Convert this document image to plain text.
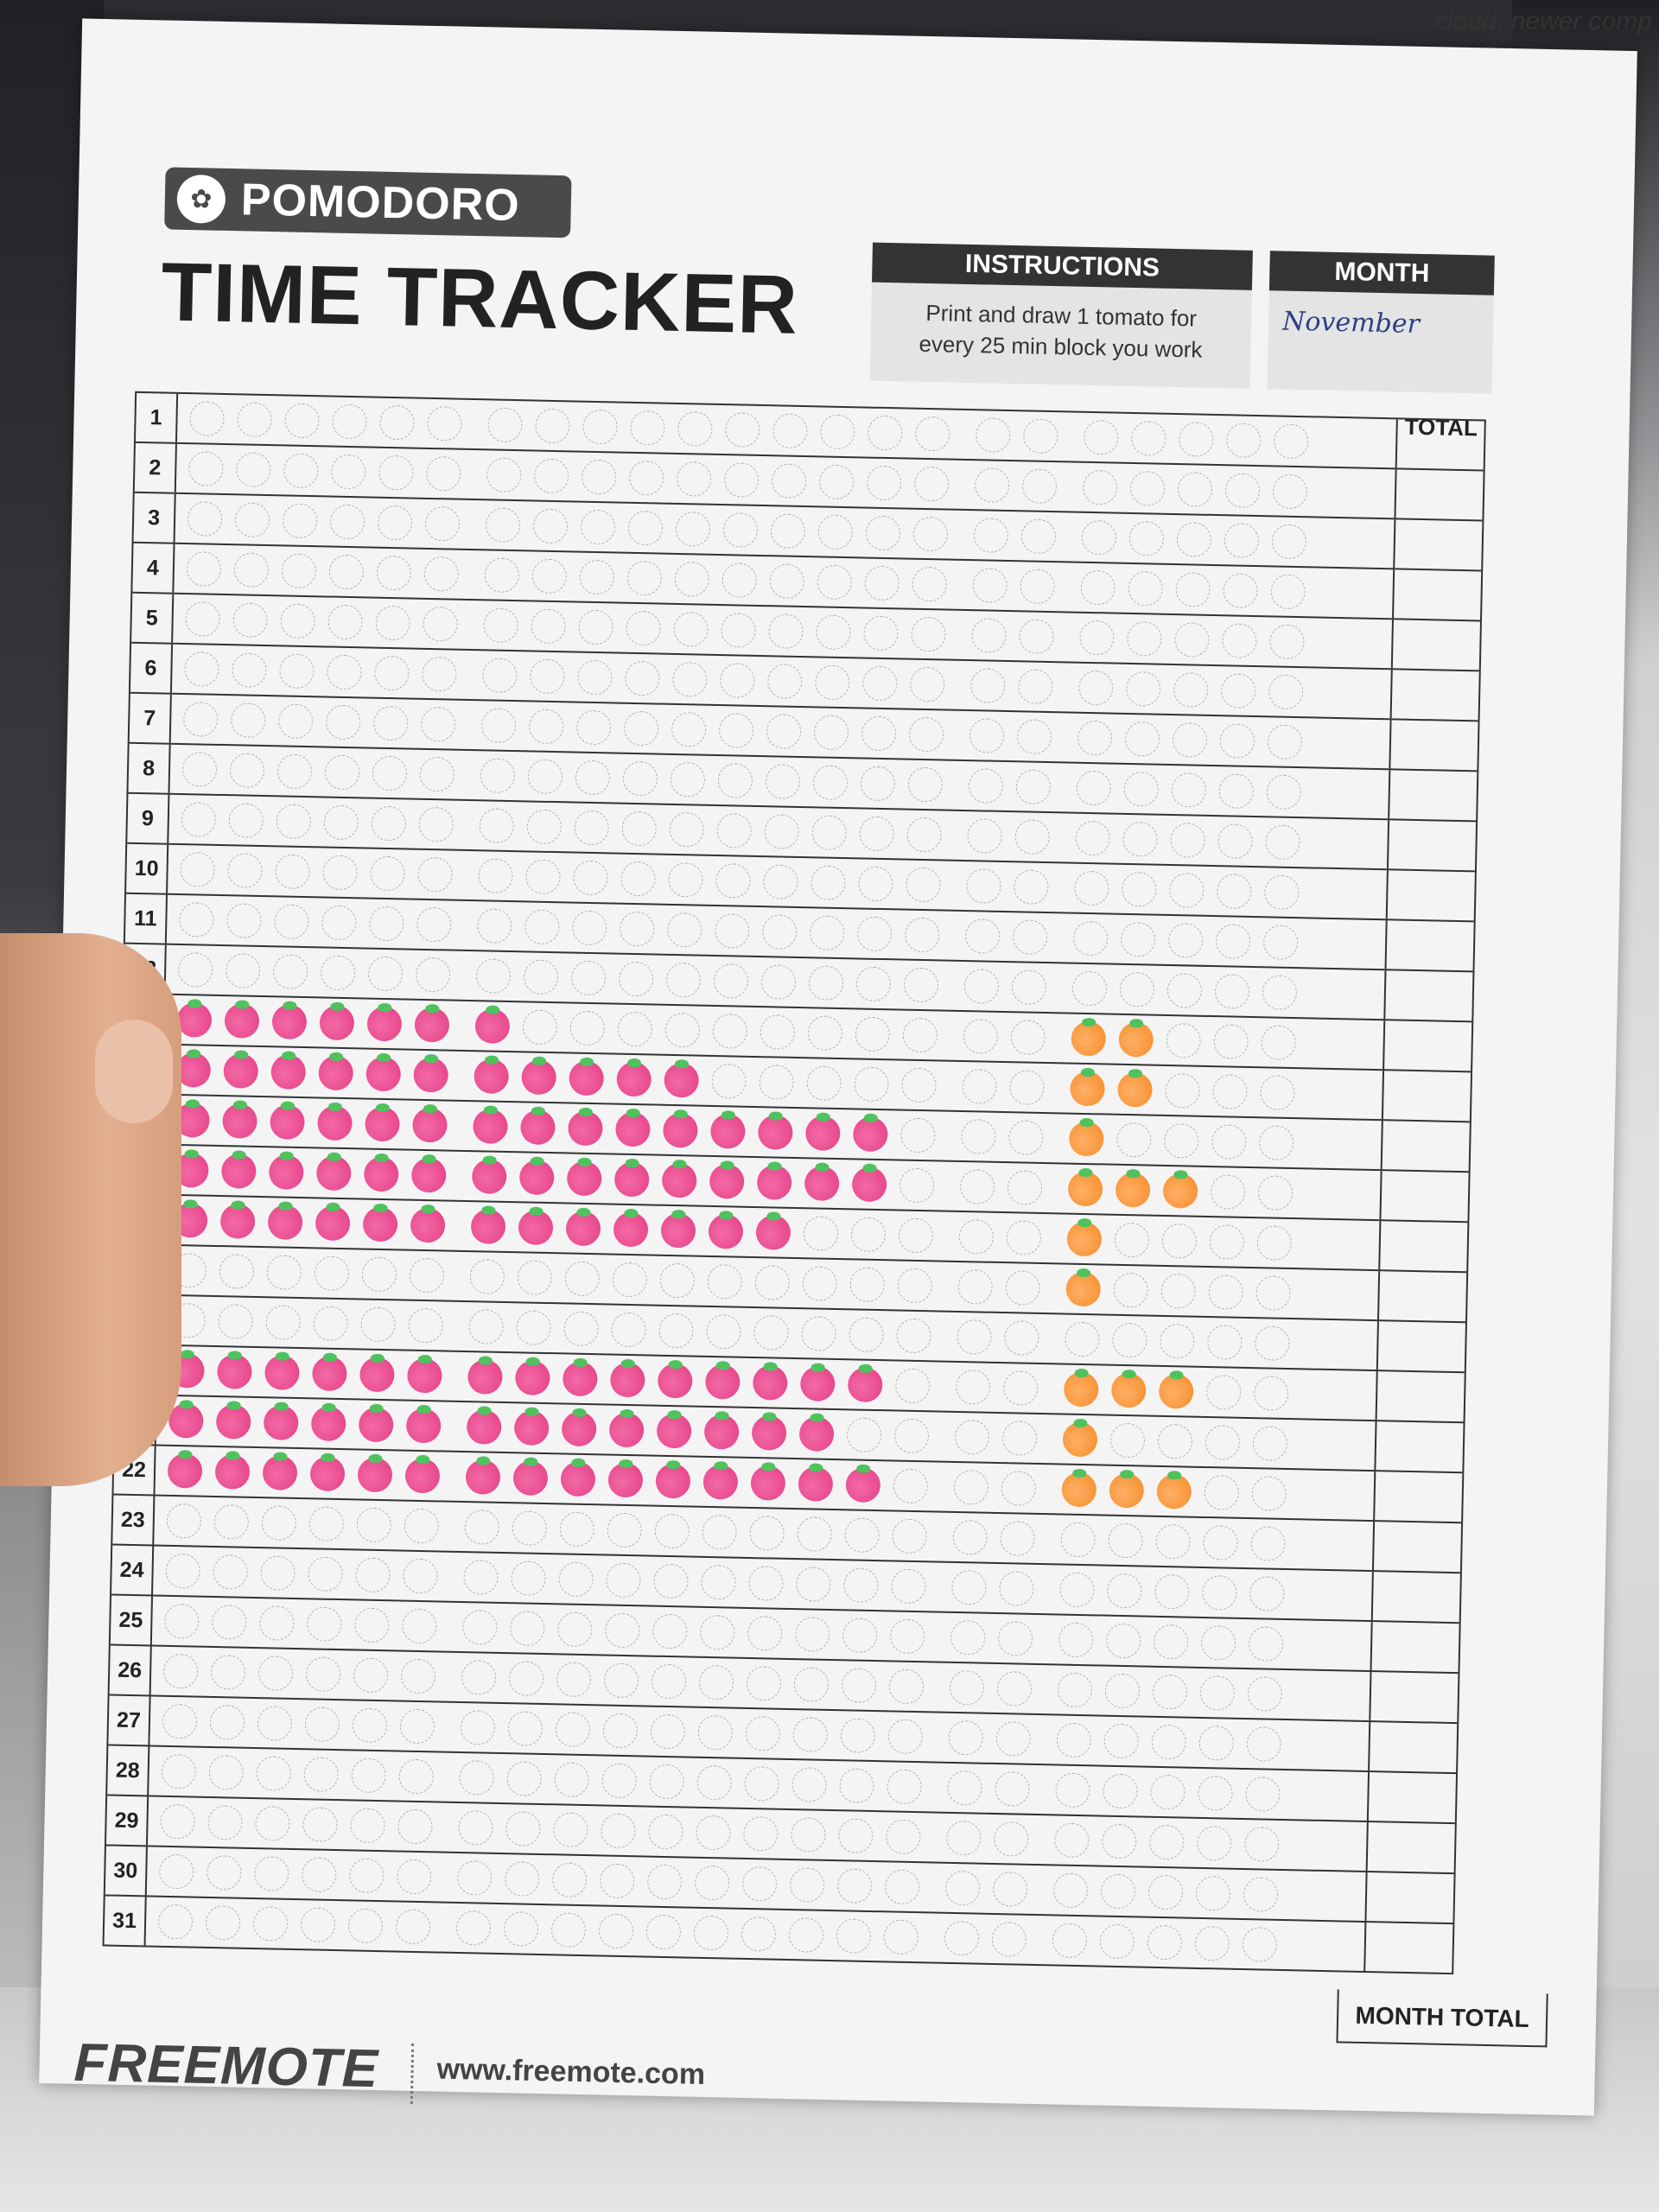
cloud, newer comp
✿ POMODORO
TIME TRACKER	INSTRUCTIONS
Print and draw 1 tomato for
every 25 min block you work
MONTH
November
TOTAL
1
2
3
4
5
6
7
8
9
10
11
22
23
24
25
26
27
28
29
30
31
MONTH TOTAL
FREEMOTE www.freemote.com
